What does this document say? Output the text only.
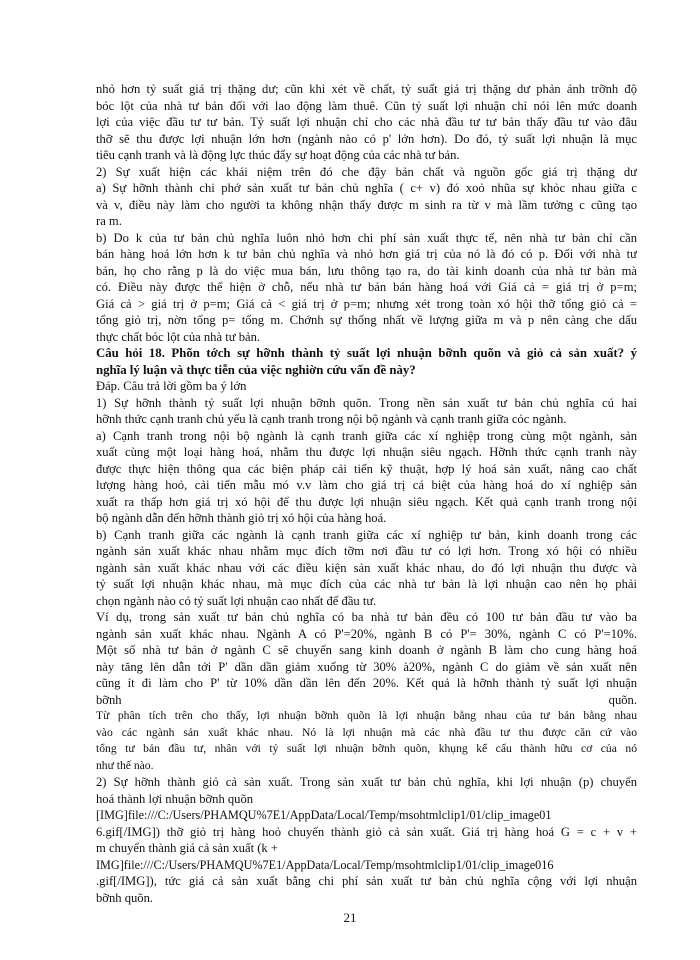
nhỏ hơn tỷ suất giá trị thặng dư; cũn khi xét về chất, tỷ suất giá trị thặng dư phản ánh trỡnh độ
bóc lột của nhà tư bản đối với lao động làm thuê. Cũn tỷ suất lợi nhuận chỉ nói lên mức doanh
lợi của việc đầu tư tư bản. Tỷ suất lợi nhuận chỉ cho các nhà đầu tư tư bản thấy đầu tư vào đâu
thỡ sẽ thu được lợi nhuận lớn hơn (ngành nào có p' lớn hơn). Do đó, tỷ suất lợi nhuận là mục
tiêu cạnh tranh và là động lực thúc đẩy sự hoạt động của các nhà tư bản.
2) Sự xuất hiện các khái niệm trên đó che đậy bản chất và nguồn gốc giá trị thặng dư
a) Sự hỡnh thành chi phớ sản xuất tư bản chủ nghĩa ( c+ v) đó xoỏ nhũa sự khỏc nhau giữa c
và v, điều này làm cho người ta không nhận thấy được m sinh ra từ v mà lầm tưởng c cũng tạo
ra m.
b) Do k của tư bản chủ nghĩa luôn nhỏ hơn chi phí sản xuất thực tế, nên nhà tư bản chỉ cần
bán hàng hoá lớn hơn k tư bản chủ nghĩa và nhỏ hơn giá trị của nó là đó có p. Đối với nhà tư
bản, họ cho rằng p là do việc mua bán, lưu thông tạo ra, do tài kinh doanh của nhà tư bản mà
có. Điều này được thể hiện ở chỗ, nếu nhà tư bản bán hàng hoá với Giá cả = giá trị ở p=m;
Giá cả > giá trị ở p=m; Giá cả < giá trị ở p=m; nhưng xét trong toàn xó hội thỡ tổng giỏ cả =
tổng giỏ trị, nờn tổng p= tổng m. Chớnh sự thống nhất về lượng giữa m và p nên càng che dấu
thực chất bóc lột của nhà tư bản.
Câu hỏi 18. Phõn tớch sự hỡnh thành tỷ suất lợi nhuận bỡnh quõn và giỏ cả sản xuất? ý
nghĩa lý luận và thực tiễn của việc nghiờn cứu vấn đề này?
Đáp. Câu trả lời gồm ba ý lớn
1) Sự hỡnh thành tỷ suất lợi nhuận bỡnh quõn. Trong nền sản xuất tư bản chủ nghĩa cú hai
hỡnh thức cạnh tranh chủ yếu là cạnh tranh trong nội bộ ngành và cạnh tranh giữa cỏc ngành.
a) Cạnh tranh trong nội bộ ngành là cạnh tranh giữa các xí nghiệp trong cùng một ngành, sản
xuất cùng một loại hàng hoá, nhằm thu được lợi nhuận siêu ngạch. Hỡnh thức cạnh tranh này
được thực hiện thông qua các biện pháp cải tiến kỹ thuật, hợp lý hoá sản xuất, nâng cao chất
lượng hàng hoỏ, cải tiến mẫu mó v.v làm cho giá trị cá biệt của hàng hoá do xí nghiệp sản
xuất ra thấp hơn giá trị xó hội để thu được lợi nhuận siêu ngạch. Kết quả cạnh tranh trong nội
bộ ngành dẫn đến hỡnh thành giỏ trị xó hội của hàng hoá.
b) Cạnh tranh giữa các ngành là cạnh tranh giữa các xí nghiệp tư bản, kinh doanh trong các
ngành sản xuất khác nhau nhằm mục đích tỡm nơi đầu tư có lợi hơn. Trong xó hội có nhiều
ngành sản xuất khác nhau với các điều kiện sản xuất khác nhau, do đó lợi nhuận thu được và
tỷ suất lợi nhuận khác nhau, mà mục đích của các nhà tư bản là lợi nhuận cao nên họ phải
chọn ngành nào có tỷ suất lợi nhuận cao nhất để đầu tư.
Ví dụ, trong sản xuất tư bản chủ nghĩa có ba nhà tư bản đều có 100 tư bản đầu tư vào ba
ngành sản xuất khác nhau. Ngành A có P'=20%, ngành B có P'= 30%, ngành C có P'=10%.
Một số nhà tư bản ở ngành C sẽ chuyển sang kinh doanh ở ngành B làm cho cung hàng hoá
này tăng lên dẫn tới P' dần dần giảm xuống từ 30% à20%, ngành C do giảm về sản xuất nên
cũng ít đi làm cho P' từ 10% dần dần lên đến 20%. Kết quả là hỡnh thành tỷ suất lợi nhuận
bỡnh quõn.
Từ phân tích trên cho thấy, lợi nhuận bỡnh quõn là lợi nhuận bằng nhau của tư bản bằng nhau
vào các ngành sản xuất khác nhau. Nó là lợi nhuận mà các nhà đầu tư thu được căn cứ vào
tổng tư bản đầu tư, nhân với tỷ suất lợi nhuận bỡnh quõn, khụng kể cấu thành hữu cơ của nó
như thế nào.
2) Sự hỡnh thành giỏ cả sản xuất. Trong sản xuất tư bản chủ nghĩa, khi lợi nhuận (p) chuyển
hoá thành lợi nhuận bỡnh quõn
[IMG]file:///C:/Users/PHAMQU%7E1/AppData/Local/Temp/msohtmlclip1/01/clip_image01
6.gif[/IMG]) thỡ giỏ trị hàng hoỏ chuyển thành giỏ cả sản xuất. Giá trị hàng hoá G = c + v +
m chuyển thành giá cả sản xuất (k +
IMG]file:///C:/Users/PHAMQU%7E1/AppData/Local/Temp/msohtmlclip1/01/clip_image016
.gif[/IMG]), tức giá cả sản xuất bằng chi phí sản xuất tư bản chủ nghĩa cộng với lợi nhuận
bỡnh quõn.
21
